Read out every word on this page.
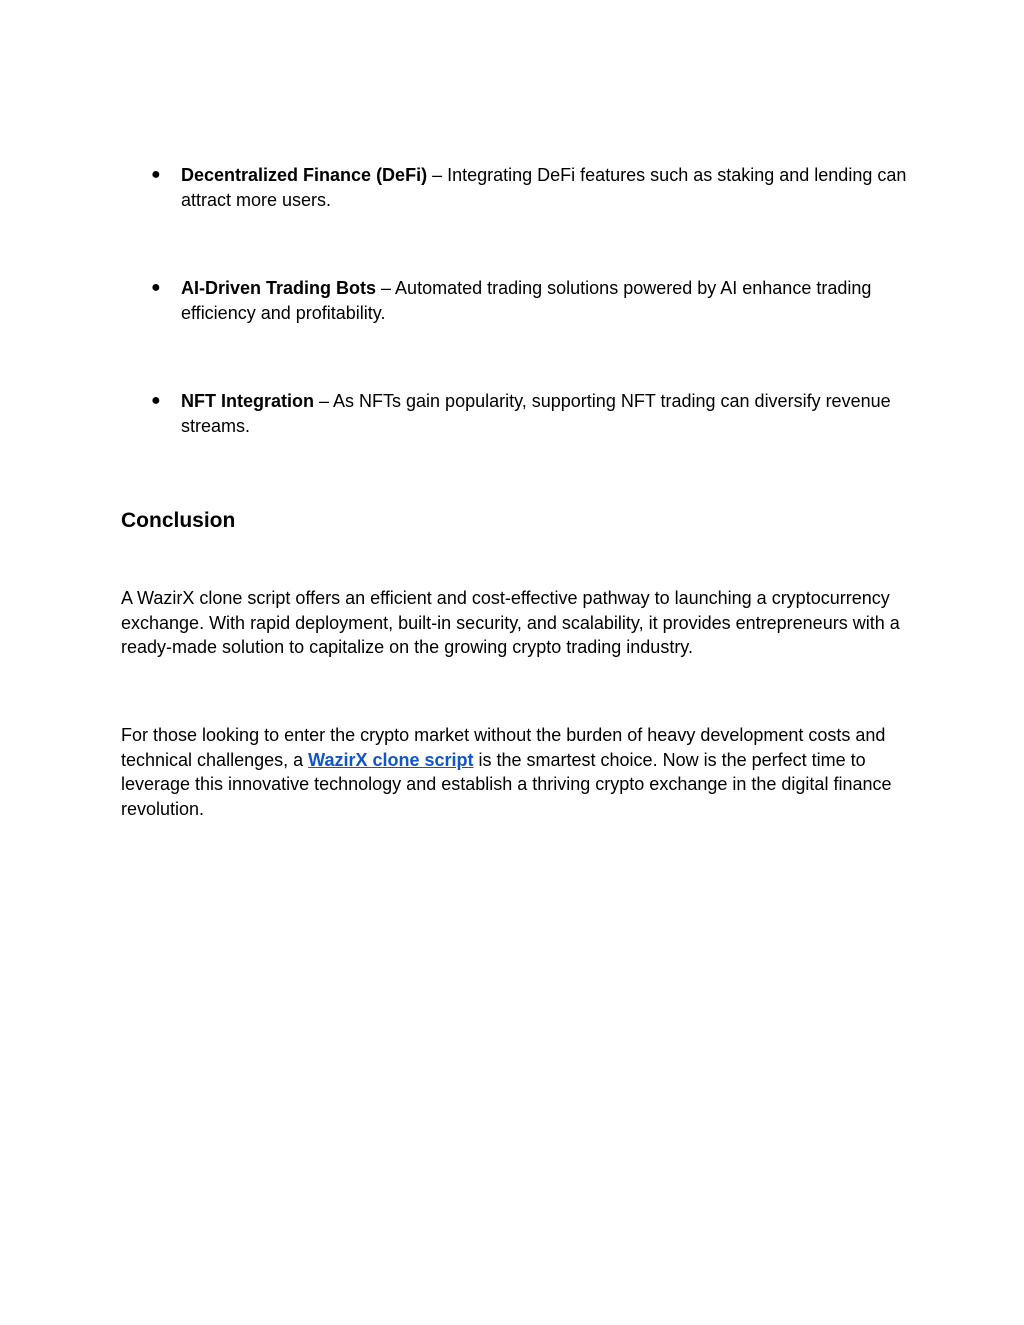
● Decentralized Finance (DeFi) – Integrating DeFi features such as staking and lending can attract more users.
● AI-Driven Trading Bots – Automated trading solutions powered by AI enhance trading efficiency and profitability.
● NFT Integration – As NFTs gain popularity, supporting NFT trading can diversify revenue streams.
Conclusion

A WazirX clone script offers an efficient and cost-effective pathway to launching a cryptocurrency exchange. With rapid deployment, built-in security, and scalability, it provides entrepreneurs with a ready-made solution to capitalize on the growing crypto trading industry.

For those looking to enter the crypto market without the burden of heavy development costs and technical challenges, a WazirX clone script is the smartest choice. Now is the perfect time to leverage this innovative technology and establish a thriving crypto exchange in the digital finance revolution.
